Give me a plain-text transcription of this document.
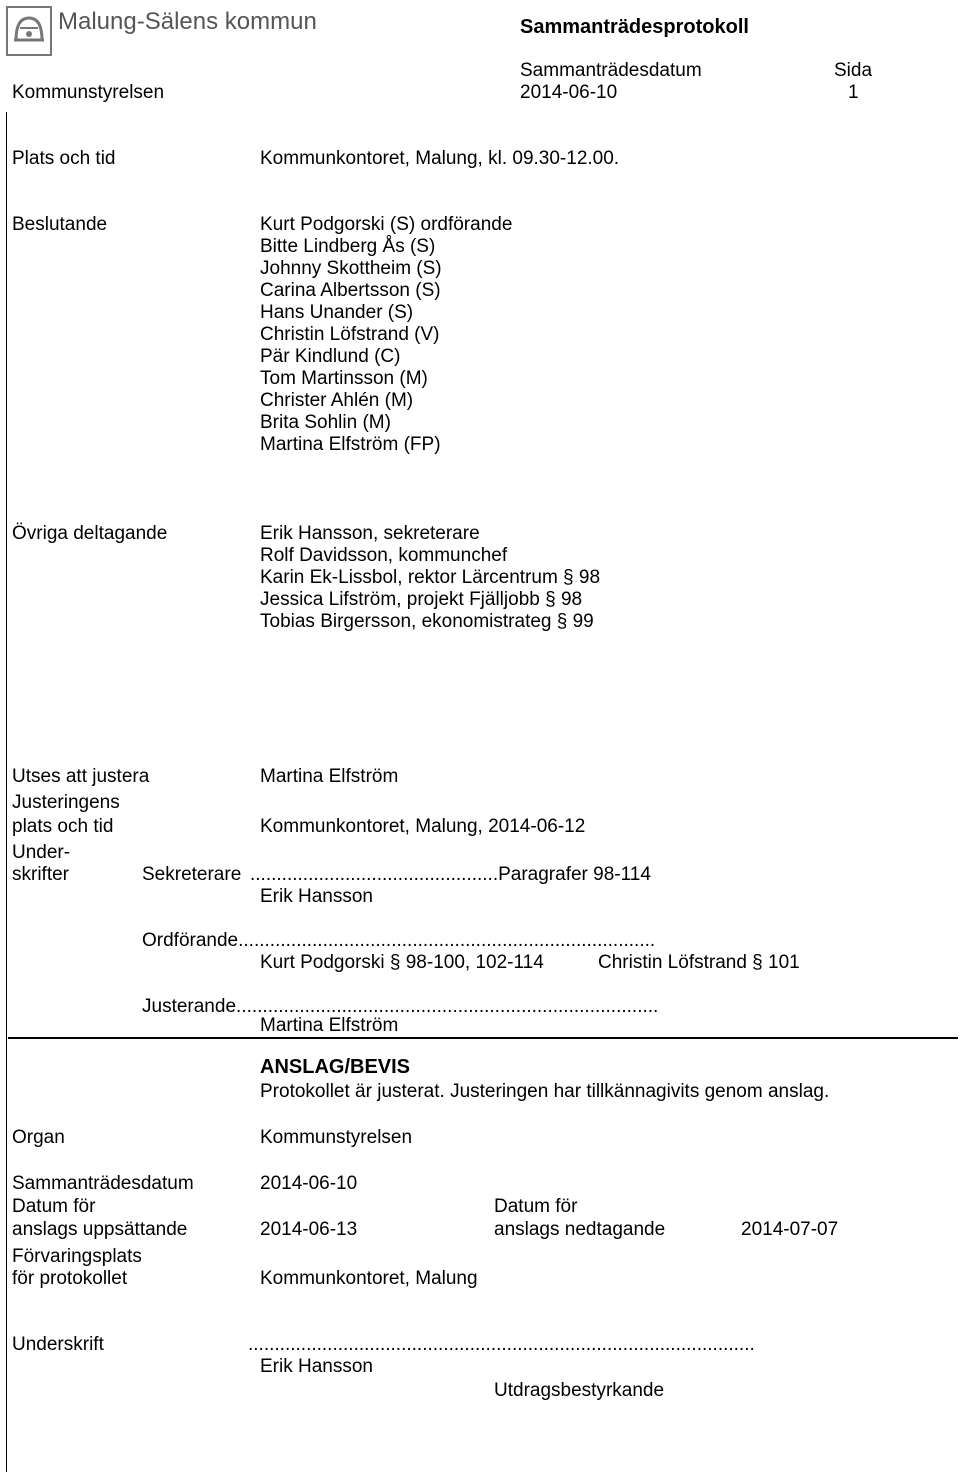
Malung-Sälens kommun	Sammanträdesprotokoll
Sammanträdesdatum	Sida
Kommunstyrelsen	2014-06-10	1
Plats och tid	Kommunkontoret, Malung, kl. 09.30-12.00.
Beslutande	Kurt Podgorski (S) ordförande
Bitte Lindberg Ås (S)
Johnny Skottheim (S)
Carina Albertsson (S)
Hans Unander (S)
Christin Löfstrand (V)
Pär Kindlund (C)
Tom Martinsson (M)
Christer Ahlén (M)
Brita Sohlin (M)
Martina Elfström (FP)
Övriga deltagande	Erik Hansson, sekreterare
Rolf Davidsson, kommunchef
Karin Ek-Lissbol, rektor Lärcentrum § 98
Jessica Lifström, projekt Fjälljobb § 98
Tobias Birgersson, ekonomistrateg § 99
Utses att justera	Martina Elfström
Justeringens
plats och tid	Kommunkontoret, Malung, 2014-06-12
Under-
skrifter	Sekreterare ...............................................Paragrafer 98-114
Erik Hansson
Ordförande...............................................................................
Kurt Podgorski § 98-100, 102-114	Christin Löfstrand § 101
Justerande................................................................................
Martina Elfström
ANSLAG/BEVIS
Protokollet är justerat. Justeringen har tillkännagivits genom anslag.
Organ	Kommunstyrelsen
Sammanträdesdatum	2014-06-10
Datum för
anslags uppsättande	2014-06-13
Datum för
anslags nedtagande	2014-07-07
Förvaringsplats
för protokollet	Kommunkontoret, Malung
Underskrift	................................................................................................
Erik Hansson
Utdragsbestyrkande
